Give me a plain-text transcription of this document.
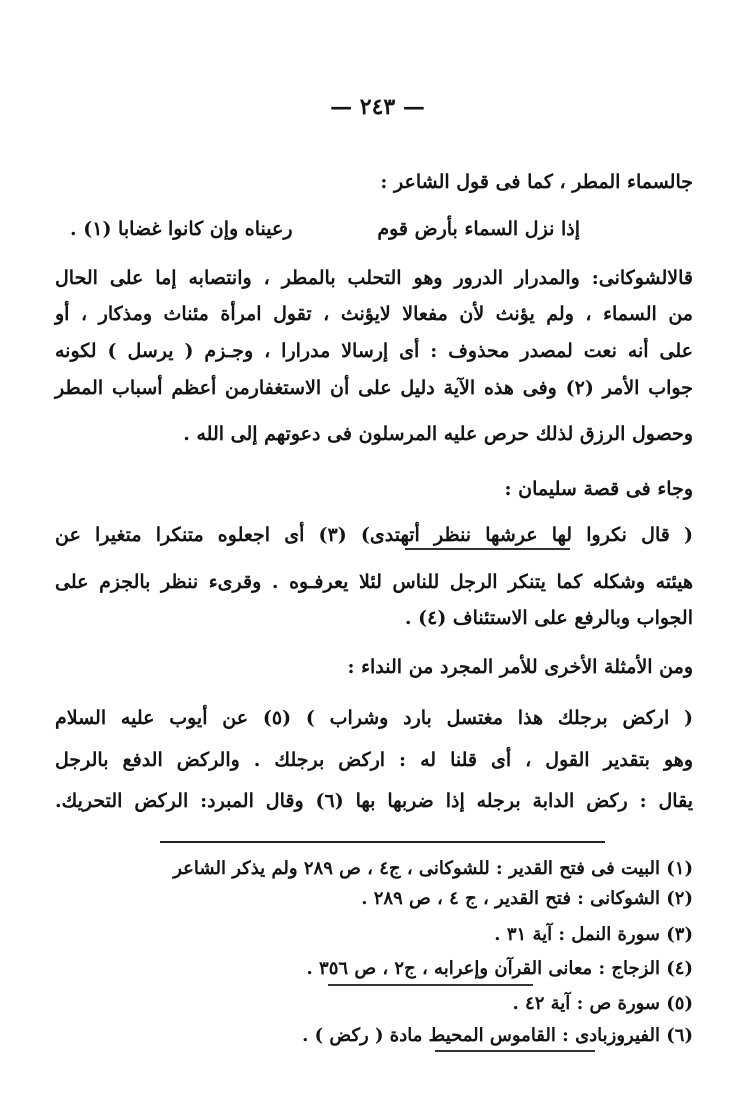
— ٢٤٣ —
جالسماء المطر ، كما فى قول الشاعر :
إذا نزل السماء بأرض قوم
رعيناه وإن كانوا غضابا (١) .
قالالشوكانى: والمدرار الدرور وهو التحلب بالمطر ، وانتصابه إما على الحال
من السماء ، ولم يؤنث لأن مفعالا لايؤنث ، تقول امرأة مئناث ومذكار ، أو
على أنه نعت لمصدر محذوف : أى إرسالا مدرارا ، وجـزم ( يرسل ) لكونه
جواب الأمر (٢) وفى هذه الآية دليل على أن الاستغفارمن أعظم أسباب المطر
وحصول الرزق لذلك حرص عليه المرسلون فى دعوتهم إلى الله .
وجاء فى قصة سليمان :
( قال نكروا لها عرشها ننظر أتهتدى) (٣) أى اجعلوه متنكرا متغيرا عن
هيئته وشكله كما يتنكر الرجل للناس لئلا يعرفـوه . وقرىء ننظر بالجزم على
الجواب وبالرفع على الاستئناف (٤) .
ومن الأمثلة الأخرى للأمر المجرد من النداء :
( اركض برجلك هذا مغتسل بارد وشراب ) (٥) عن أيوب عليه السلام
وهو بتقدير القول ، أى قلنا له : اركض برجلك . والركض الدفع بالرجل
يقال : ركض الدابة برجله إذا ضربها بها (٦) وقال المبرد: الركض التحريك.
(١) البيت فى فتح القدير : للشوكانى ، ج٤ ، ص ٢٨٩ ولم يذكر الشاعر
(٢) الشوكانى : فتح القدير ، ج ٤ ، ص ٢٨٩ .
(٣) سورة النمل : آية ٣١ .
(٤) الزجاج : معانى القرآن وإعرابه ، ج٢ ، ص ٣٥٦ .
(٥) سورة ص : آية ٤٢ .
(٦) الفيروزبادى : القاموس المحيط مادة ( ركض ) .
